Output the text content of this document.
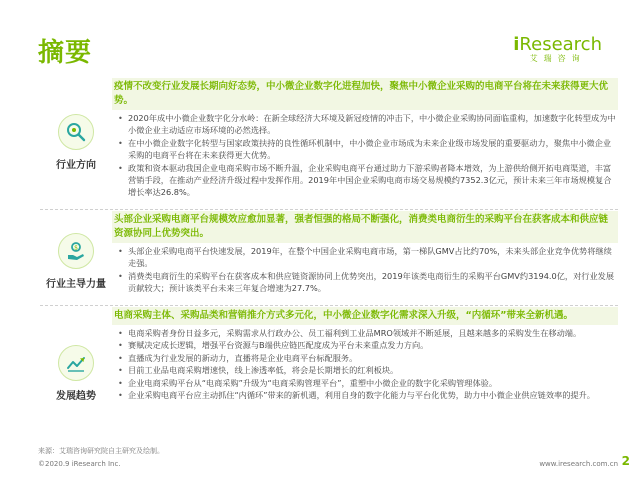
摘要	iResearch
艾瑞咨询
行业方向
疫情不改变行业发展长期向好态势，中小微企业数字化进程加快，聚焦中小微企业采购的电商平台将在未来获得更大优势。
• 2020年成中小微企业数字化分水岭：在新全球经济大环境及新冠疫情的冲击下，中小微企业采购协同面临重构，加速数字化转型成为中小微企业主动适应市场环境的必然选择。
• 在中小微企业数字化转型与国家政策扶持的良性循环机制中，中小微企业市场成为未来企业级市场发展的重要驱动力，聚焦中小微企业采购的电商平台将在未来获得更大优势。
• 政策和资本驱动我国企业电商采购市场不断升温，企业采购电商平台通过助力下游采购者降本增效，为上游供给侧开拓电商渠道，丰富营销手段，在推动产业经济升级过程中发挥作用。2019年中国企业采购电商市场交易规模约7352.3亿元，预计未来三年市场规模复合增长率达26.8%。
$
行业主导力量
头部企业采购电商平台规模效应愈加显著，强者恒强的格局不断强化，消费类电商衍生的采购平台在获客成本和供应链资源协同上优势突出。
• 头部企业采购电商平台快速发展，2019年，在整个中国企业采购电商市场，第一梯队GMV占比约70%，未来头部企业竞争优势将继续走强。
• 消费类电商衍生的采购平台在获客成本和供应链资源协同上优势突出，2019年该类电商衍生的采购平台GMV约3194.0亿，对行业发展贡献较大；预计该类平台未来三年复合增速为27.7%。
发展趋势
电商采购主体、采购品类和营销推介方式多元化，中小微企业数字化需求深入升级，“内循环”带来全新机遇。
• 电商采购者身份日益多元，采购需求从行政办公、员工福利到工业品MRO领域并不断延展，且越来越多的采购发生在移动端。
• 赛赋决定成长逻辑，增强平台资源与B端供应链匹配度成为平台未来重点发力方向。
• 直播成为行业发展的新动力，直播将是企业电商平台标配服务。
• 目前工业品电商采购增速快，线上渗透率低，将会是长期增长的红利板块。
• 企业电商采购平台从“电商采购”升级为“电商采购管理平台”，重塑中小微企业的数字化采购管理体验。
• 企业采购电商平台应主动抓住“内循环”带来的新机遇，利用自身的数字化能力与平台化优势，助力中小微企业供应链效率的提升。
来源：艾瑞咨询研究院自主研究及绘制。
©2020.9 iResearch Inc.	www.iresearch.com.cn 2
